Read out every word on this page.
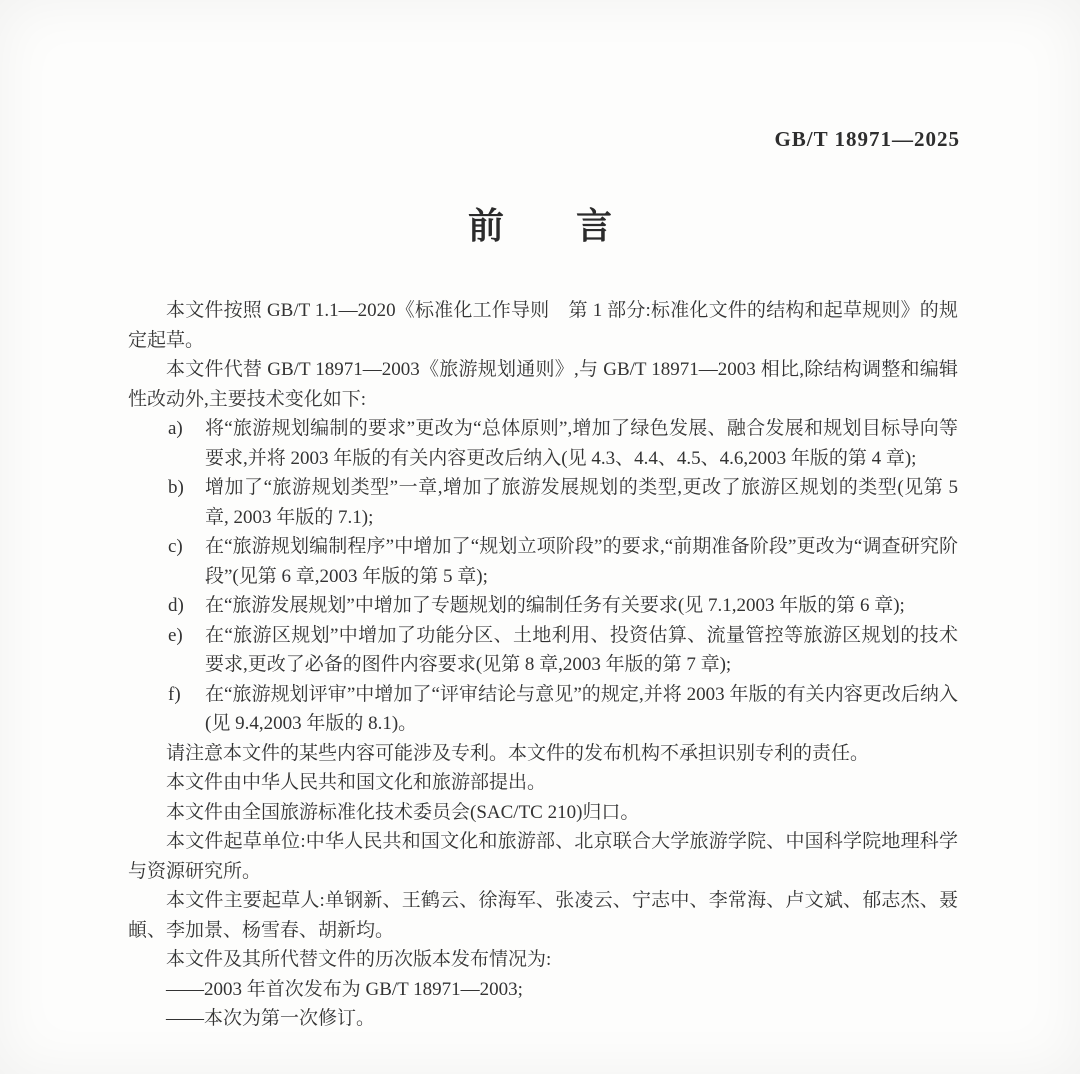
GB/T 18971—2025
前　　言

本文件按照 GB/T 1.1—2020《标准化工作导则　第 1 部分:标准化文件的结构和起草规则》的规定起草。

本文件代替 GB/T 18971—2003《旅游规划通则》,与 GB/T 18971—2003 相比,除结构调整和编辑性改动外,主要技术变化如下:

a)	将“旅游规划编制的要求”更改为“总体原则”,增加了绿色发展、融合发展和规划目标导向等要求,并将 2003 年版的有关内容更改后纳入(见 4.3、4.4、4.5、4.6,2003 年版的第 4 章);
b)	增加了“旅游规划类型”一章,增加了旅游发展规划的类型,更改了旅游区规划的类型(见第 5 章, 2003 年版的 7.1);
c)	在“旅游规划编制程序”中增加了“规划立项阶段”的要求,“前期准备阶段”更改为“调查研究阶段”(见第 6 章,2003 年版的第 5 章);
d)	在“旅游发展规划”中增加了专题规划的编制任务有关要求(见 7.1,2003 年版的第 6 章);
e)	在“旅游区规划”中增加了功能分区、土地利用、投资估算、流量管控等旅游区规划的技术要求,更改了必备的图件内容要求(见第 8 章,2003 年版的第 7 章);
f)	在“旅游规划评审”中增加了“评审结论与意见”的规定,并将 2003 年版的有关内容更改后纳入(见 9.4,2003 年版的 8.1)。

请注意本文件的某些内容可能涉及专利。本文件的发布机构不承担识别专利的责任。

本文件由中华人民共和国文化和旅游部提出。

本文件由全国旅游标准化技术委员会(SAC/TC 210)归口。

本文件起草单位:中华人民共和国文化和旅游部、北京联合大学旅游学院、中国科学院地理科学与资源研究所。

本文件主要起草人:单钢新、王鹤云、徐海军、张凌云、宁志中、李常海、卢文斌、郁志杰、聂頔、李加景、杨雪春、胡新均。

本文件及其所代替文件的历次版本发布情况为:

——2003 年首次发布为 GB/T 18971—2003;

——本次为第一次修订。
